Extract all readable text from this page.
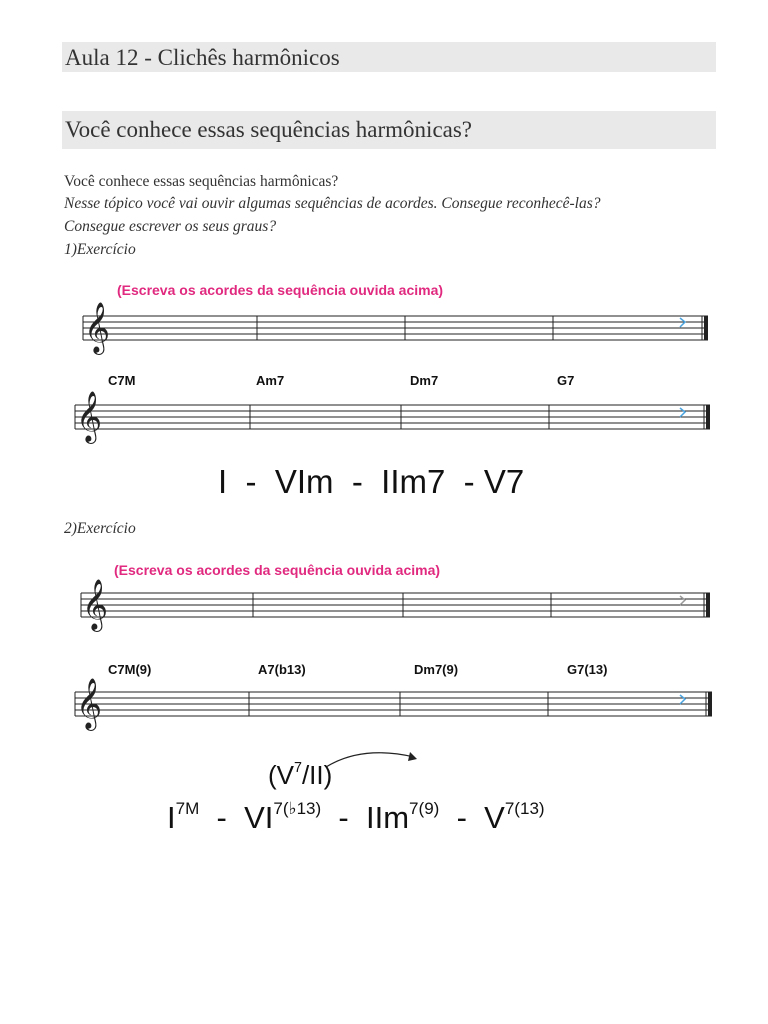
Aula 12 - Clichês harmônicos
Você conhece essas sequências harmônicas?
Você conhece essas sequências harmônicas?
Nesse tópico você vai ouvir algumas sequências de acordes. Consegue reconhecê-las?
Consegue escrever os seus graus?
1)Exercício
(Escreva os acordes da sequência ouvida acima)
𝄞
C7M	Am7	Dm7	G7
𝄞
I  -  VIm  -  IIm7  - V7
2)Exercício
(Escreva os acordes da sequência ouvida acima)
𝄞
C7M(9)	A7(b13)	Dm7(9)	G7(13)
𝄞
$(V^7/II)$
$I^{7M} - VI^{7(♭13)} - IIm^{7(9)} - V^{7(13)}$
